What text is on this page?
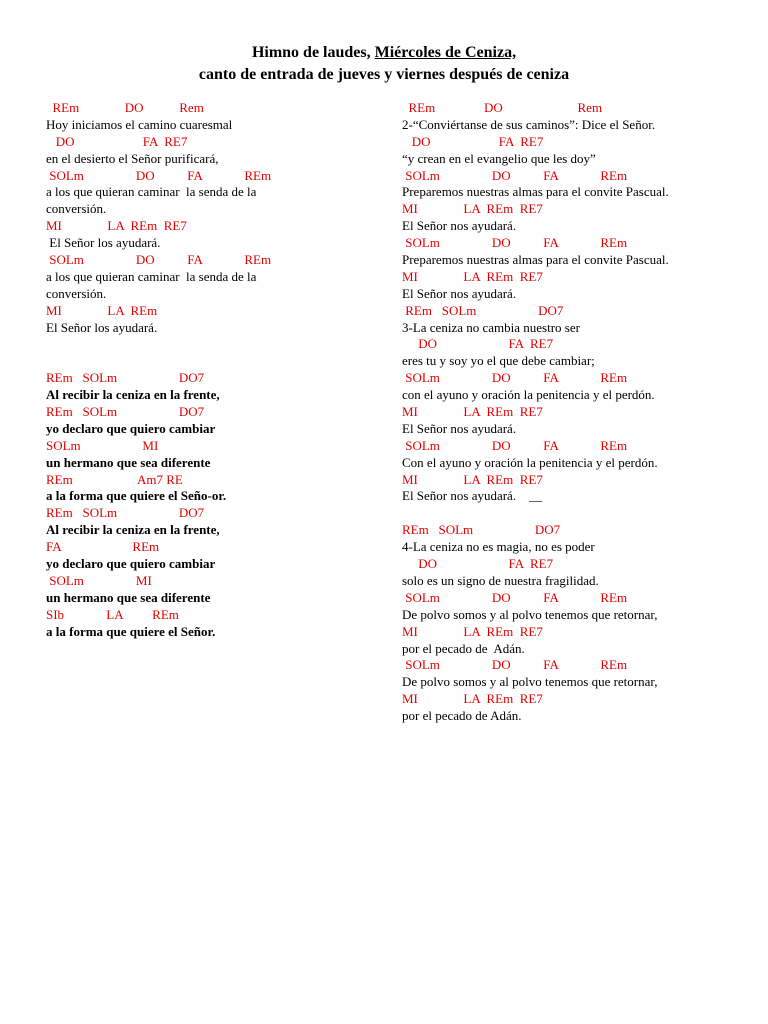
Himno de laudes, Miércoles de Ceniza,
canto de entrada de jueves y viernes después de ceniza
REm              DO           Rem
Hoy iniciamos el camino cuaresmal
DO                     FA  RE7
en el desierto el Señor purificará,
SOLm                DO          FA             REm
a los que quieran caminar  la senda de la
conversión.
MI              LA  REm  RE7
El Señor los ayudará.
SOLm                DO          FA             REm
a los que quieran caminar  la senda de la
conversión.
MI              LA  REm
El Señor los ayudará.
REm   SOLm                   DO7
Al recibir la ceniza en la frente,
REm   SOLm                   DO7
yo declaro que quiero cambiar
SOLm                   MI
un hermano que sea diferente
REm                    Am7 RE
a la forma que quiere el Seño-or.
REm   SOLm                   DO7
Al recibir la ceniza en la frente,
FA                      REm
yo declaro que quiero cambiar
SOLm                MI
un hermano que sea diferente
SIb             LA         REm
a la forma que quiere el Señor.
REm               DO                       Rem
2-“Conviértanse de sus caminos”: Dice el Señor.
DO                     FA  RE7
“y crean en el evangelio que les doy”
SOLm                DO          FA             REm
Preparemos nuestras almas para el convite Pascual.
MI              LA  REm  RE7
El Señor nos ayudará.
SOLm                DO          FA             REm
Preparemos nuestras almas para el convite Pascual.
MI              LA  REm  RE7
El Señor nos ayudará.
REm   SOLm                   DO7
3-La ceniza no cambia nuestro ser
DO                      FA  RE7
eres tu y soy yo el que debe cambiar;
SOLm                DO          FA             REm
con el ayuno y oración la penitencia y el perdón.
MI              LA  REm  RE7
El Señor nos ayudará.
SOLm                DO          FA             REm
Con el ayuno y oración la penitencia y el perdón.
MI              LA  REm  RE7
El Señor nos ayudará.    __
REm   SOLm                   DO7
4-La ceniza no es magia, no es poder
DO                      FA  RE7
solo es un signo de nuestra fragilidad.
SOLm                DO          FA             REm
De polvo somos y al polvo tenemos que retornar,
MI              LA  REm  RE7
por el pecado de  Adán.
SOLm                DO          FA             REm
De polvo somos y al polvo tenemos que retornar,
MI              LA  REm  RE7
por el pecado de Adán.
